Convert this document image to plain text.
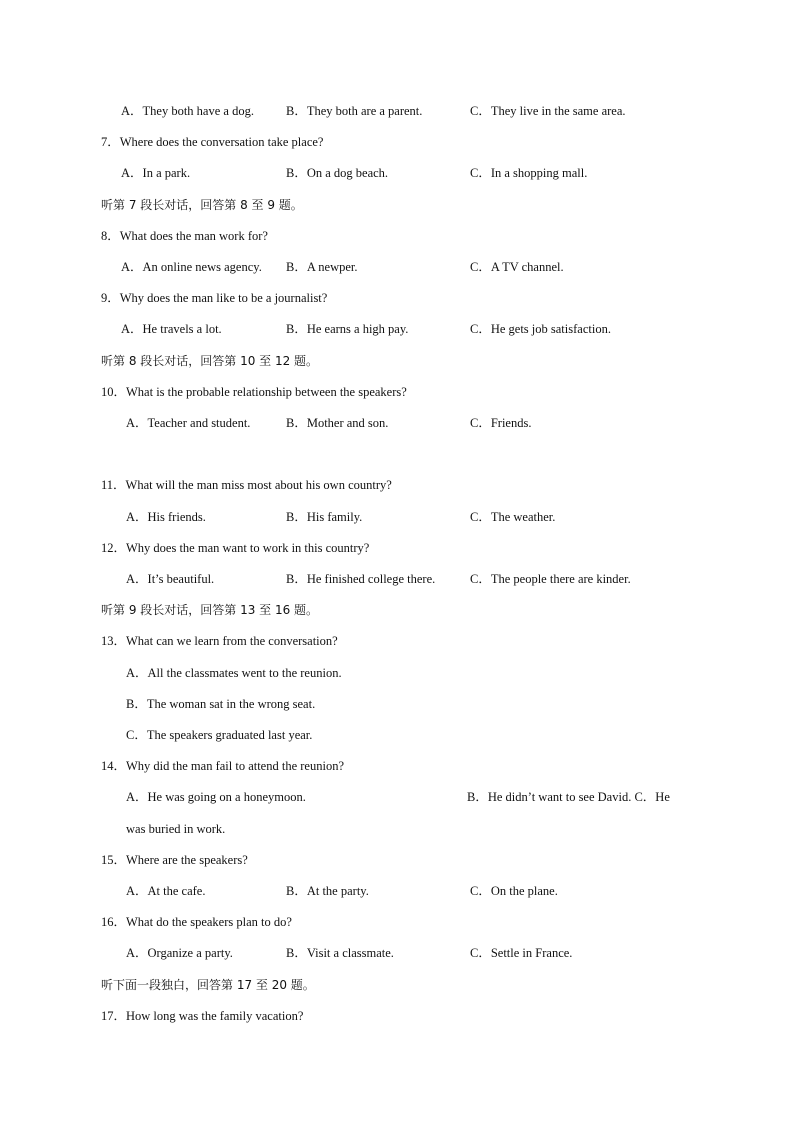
A．They both have a dog.	B．They both are a parent.	C．They live in the same area.
7．Where does the conversation take place?
A．In a park.	B．On a dog beach.	C．In a shopping mall.
听第 7 段长对话，回答第 8 至 9 题。
8．What does the man work for?
A．An online news agency. B．A newper.	C．A TV channel.
9．Why does the man like to be a journalist?
A．He travels a lot.	B．He earns a high pay.	C．He gets job satisfaction.
听第 8 段长对话，回答第 10 至 12 题。
10．What is the probable relationship between the speakers?
A．Teacher and student.	B．Mother and son.	C．Friends.
11．What will the man miss most about his own country?
A．His friends.	B．His family.	C．The weather.
12．Why does the man want to work in this country?
A．It’s beautiful.	B．He finished college there.	C．The people there are kinder.
听第 9 段长对话，回答第 13 至 16 题。
13．What can we learn from the conversation?
A．All the classmates went to the reunion.
B．The woman sat in the wrong seat.
C．The speakers graduated last year.
14．Why did the man fail to attend the reunion?
A．He was going on a honeymoon.	B．He didn’t want to see David. C．He
was buried in work.
15．Where are the speakers?
A．At the cafe.	B．At the party.	C．On the plane.
16．What do the speakers plan to do?
A．Organize a party.	B．Visit a classmate.	C．Settle in France.
听下面一段独白，回答第 17 至 20 题。
17．How long was the family vacation?
